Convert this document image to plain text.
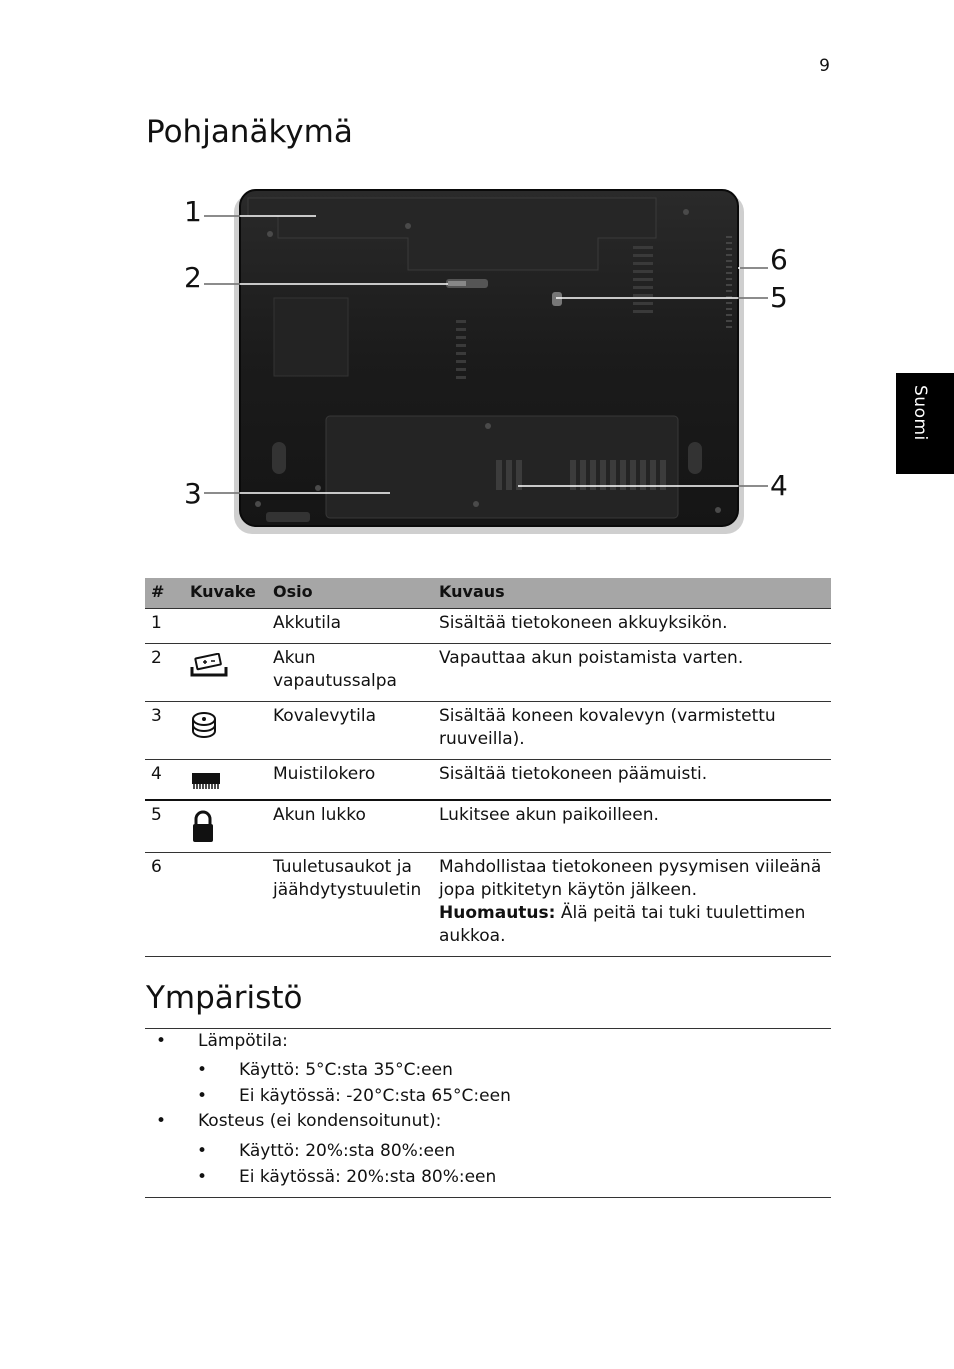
9
Suomi
Pohjanäkymä
1
2
3	4
5
6
#	Kuvake	Osio	Kuvaus
1		Akkutila	Sisältää tietokoneen akkuyksikön.
2		Akun vapautussalpa	Vapauttaa akun poistamista varten.
3		Kovalevytila	Sisältää koneen kovalevyn (varmistettu ruuveilla).
4		Muistilokero	Sisältää tietokoneen päämuisti.
5		Akun lukko	Lukitsee akun paikoilleen.
6		Tuuletusaukot ja jäähdytystuuletin	Mahdollistaa tietokoneen pysymisen viileänä jopa pitkitetyn käytön jälkeen.
Huomautus: Älä peitä tai tuki tuulettimen aukkoa.
Ympäristö
• Lämpötila:
• Käyttö: 5°C:sta 35°C:een
• Ei käytössä: -20°C:sta 65°C:een
• Kosteus (ei kondensoitunut):
• Käyttö: 20%:sta 80%:een
• Ei käytössä: 20%:sta 80%:een
